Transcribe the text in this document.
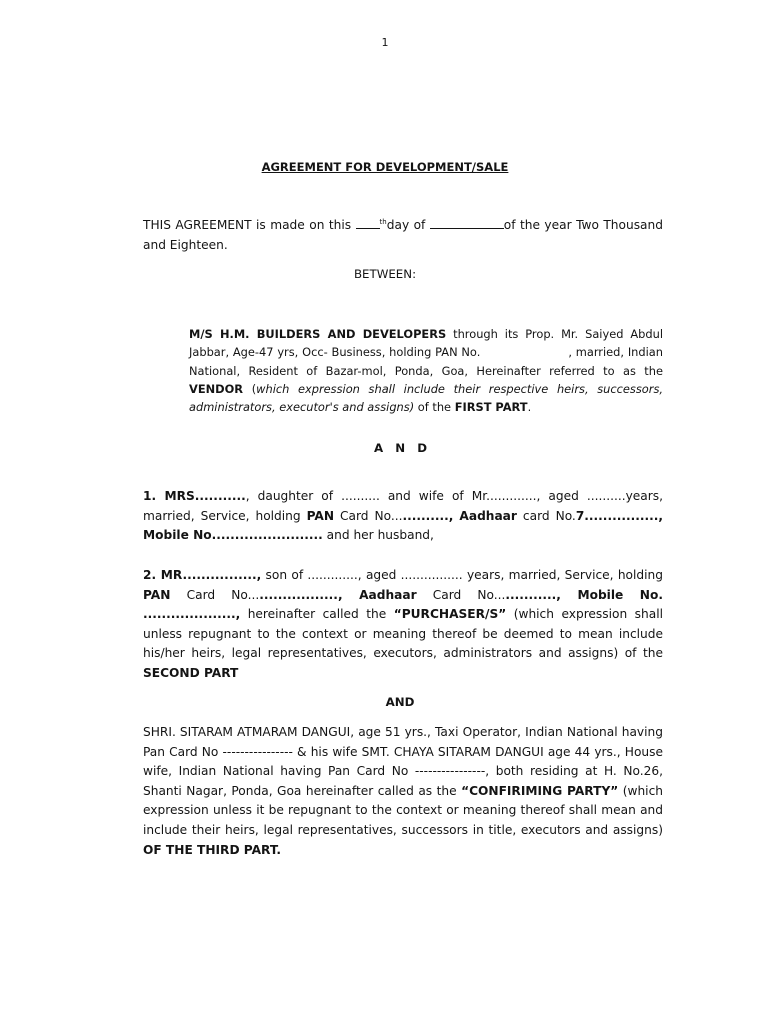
1
AGREEMENT FOR DEVELOPMENT/SALE
THIS AGREEMENT is made on this	$^{th}$day of	of the year Two Thousand and Eighteen.
BETWEEN:
M/S H.M. BUILDERS AND DEVELOPERS through its Prop. Mr. Saiyed Abdul Jabbar, Age-47 yrs, Occ- Business, holding PAN No.	, married, Indian National, Resident of Bazar-mol, Ponda, Goa, Hereinafter referred to as the VENDOR (which expression shall include their respective heirs, successors, administrators, executor's and assigns) of the FIRST PART.
A N D
1. MRS..........., daughter of .......... and wife of Mr............., aged ..........years, married, Service, holding PAN Card No............., Aadhaar card No.7................, Mobile No........................ and her husband,
2. MR................, son of ............., aged ................ years, married, Service, holding PAN Card No...................., Aadhaar Card No.............., Mobile No. ...................., hereinafter called the “PURCHASER/S” (which expression shall unless repugnant to the context or meaning thereof be deemed to mean include his/her heirs, legal representatives, executors, administrators and assigns) of the SECOND PART
AND
SHRI. SITARAM ATMARAM DANGUI, age 51 yrs., Taxi Operator, Indian National having Pan Card No ---------------- & his wife SMT. CHAYA SITARAM DANGUI age 44 yrs., House wife, Indian National having Pan Card No ----------------, both residing at H. No.26, Shanti Nagar, Ponda, Goa hereinafter called as the “CONFIRIMING PARTY” (which expression unless it be repugnant to the context or meaning thereof shall mean and include their heirs, legal representatives, successors in title, executors and assigns) OF THE THIRD PART.
